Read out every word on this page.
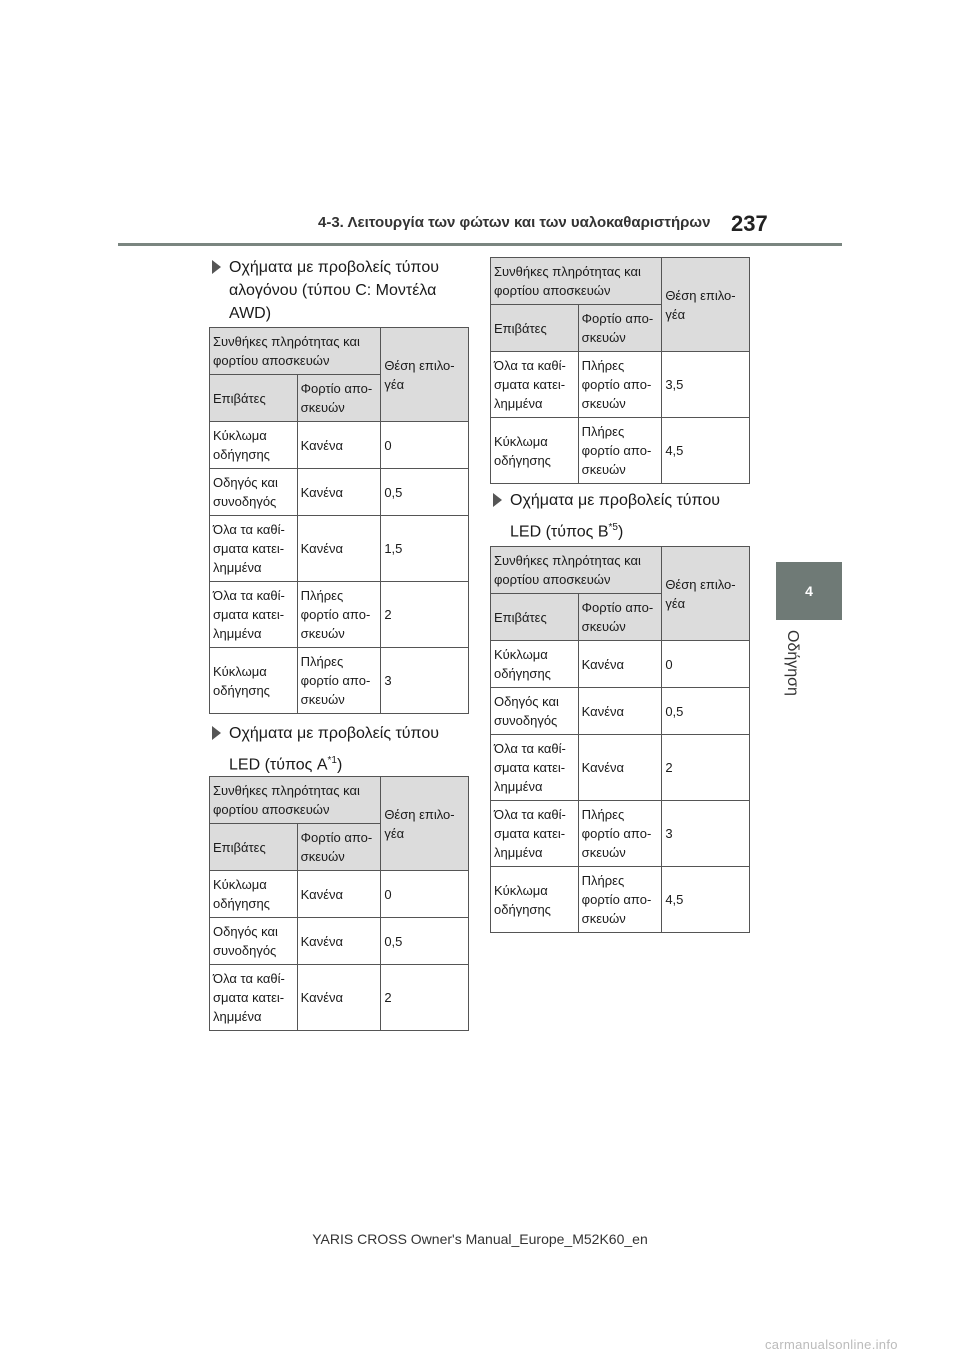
4-3. Λειτουργία των φώτων και των υαλοκαθαριστήρων 237
4
Οδήγηση
Οχήματα με προβολείς τύπου αλογόνου (τύπου C: Μοντέλα AWD)
Συνθήκες πληρότητας και φορτίου αποσκευών		Θέση επιλο-γέα
Επιβάτες	Φορτίο απο-σκευών	
Κύκλωμα οδήγησης	Κανένα	0
Οδηγός και συνοδηγός	Κανένα	0,5
Όλα τα καθί-σματα κατει-λημμένα	Κανένα	1,5
Όλα τα καθί-σματα κατει-λημμένα	Πλήρες φορτίο απο-σκευών	2
Κύκλωμα οδήγησης	Πλήρες φορτίο απο-σκευών	3
Οχήματα με προβολείς τύπου LED (τύπος $A^{*1}$)
Συνθήκες πληρότητας και φορτίου αποσκευών		Θέση επιλο-γέα
Επιβάτες	Φορτίο απο-σκευών	
Κύκλωμα οδήγησης	Κανένα	0
Οδηγός και συνοδηγός	Κανένα	0,5
Όλα τα καθί-σματα κατει-λημμένα	Κανένα	2
Συνθήκες πληρότητας και φορτίου αποσκευών		Θέση επιλο-γέα
Επιβάτες	Φορτίο απο-σκευών	
Όλα τα καθί-σματα κατει-λημμένα	Πλήρες φορτίο απο-σκευών	3,5
Κύκλωμα οδήγησης	Πλήρες φορτίο απο-σκευών	4,5
Οχήματα με προβολείς τύπου LED (τύπος $B^{*5}$)
Συνθήκες πληρότητας και φορτίου αποσκευών		Θέση επιλο-γέα
Επιβάτες	Φορτίο απο-σκευών	
Κύκλωμα οδήγησης	Κανένα	0
Οδηγός και συνοδηγός	Κανένα	0,5
Όλα τα καθί-σματα κατει-λημμένα	Κανένα	2
Όλα τα καθί-σματα κατει-λημμένα	Πλήρες φορτίο απο-σκευών	3
Κύκλωμα οδήγησης	Πλήρες φορτίο απο-σκευών	4,5
YARIS CROSS Owner's Manual_Europe_M52K60_en
carmanualsonline.info
